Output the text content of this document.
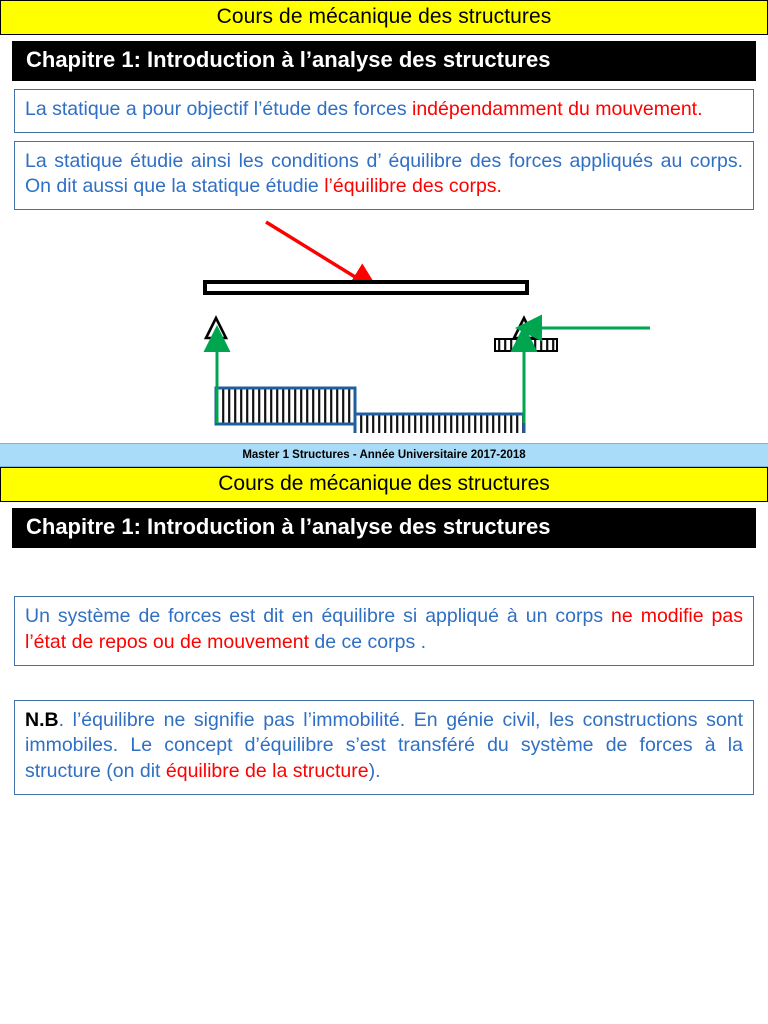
Cours de mécanique des structures
Chapitre 1: Introduction à l’analyse des structures
La statique a pour objectif l’étude des forces indépendamment du mouvement.
La statique étudie ainsi les conditions d’ équilibre des forces appliqués au corps. On dit aussi que la statique étudie l’équilibre des corps.
Master 1 Structures - Année Universitaire 2017-2018
Cours de mécanique des structures
Chapitre 1: Introduction à l’analyse des structures
Un système de forces est dit en équilibre si appliqué à un corps ne modifie pas l’état de repos ou de mouvement de ce corps .
N.B. l’équilibre ne signifie pas l’immobilité. En génie civil, les constructions sont immobiles. Le concept d’équilibre s’est transféré du système de forces à la structure (on dit équilibre de la structure).
